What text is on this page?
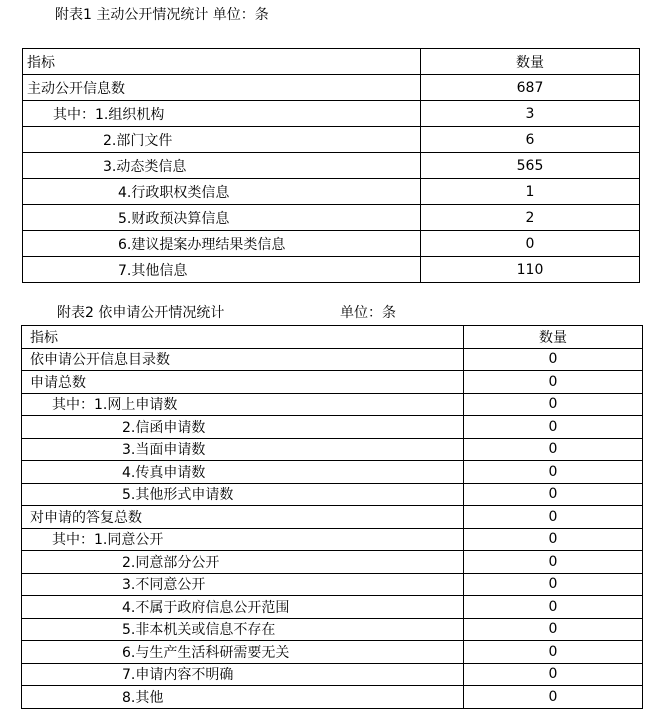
附表1 主动公开情况统计 单位：条
指标	数量
主动公开信息数	687
其中：1.组织机构	3
2.部门文件	6
3.动态类信息	565
4.行政职权类信息	1
5.财政预决算信息	2
6.建议提案办理结果类信息	0
7.其他信息	110
附表2 依申请公开情况统计	单位：条
指标	数量
依申请公开信息目录数	0
申请总数	0
其中：1.网上申请数	0
2.信函申请数	0
3.当面申请数	0
4.传真申请数	0
5.其他形式申请数	0
对申请的答复总数	0
其中：1.同意公开	0
2.同意部分公开	0
3.不同意公开	0
4.不属于政府信息公开范围	0
5.非本机关或信息不存在	0
6.与生产生活科研需要无关	0
7.申请内容不明确	0
8.其他	0
